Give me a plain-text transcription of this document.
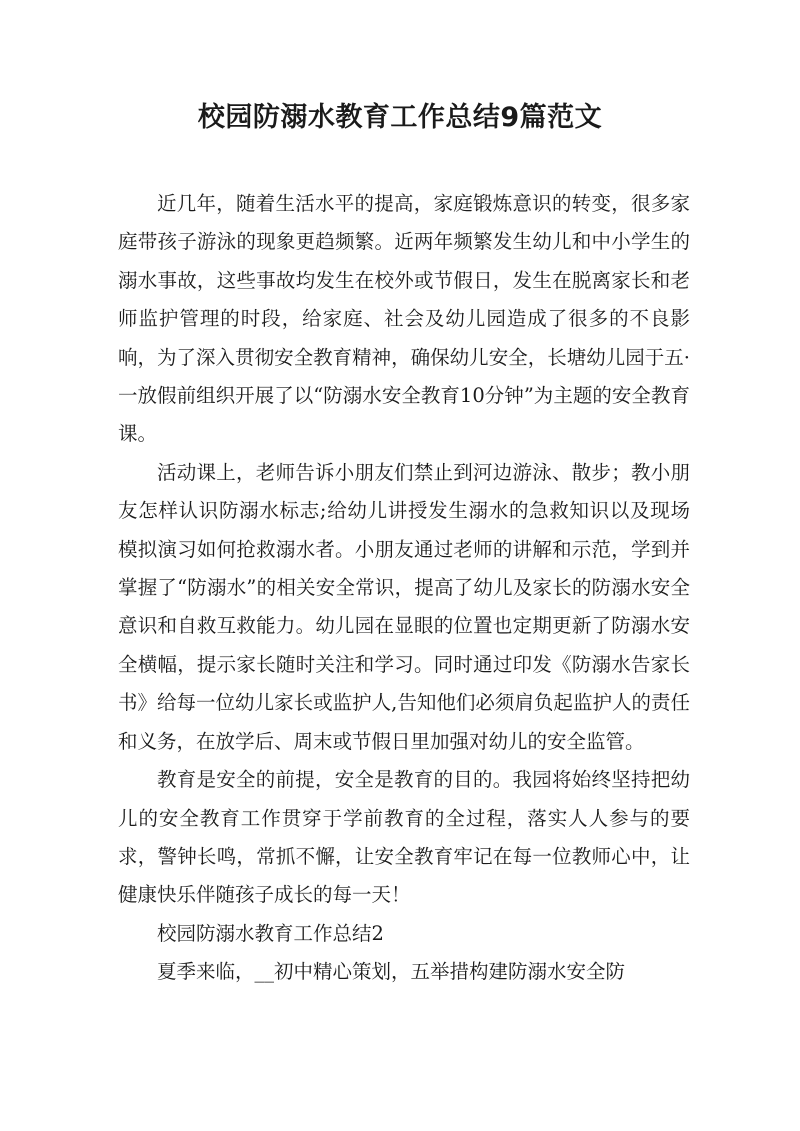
校园防溺水教育工作总结9篇范文

近几年，随着生活水平的提高，家庭锻炼意识的转变，很多家庭带孩子游泳的现象更趋频繁。近两年频繁发生幼儿和中小学生的溺水事故，这些事故均发生在校外或节假日，发生在脱离家长和老师监护管理的时段，给家庭、社会及幼儿园造成了很多的不良影响，为了深入贯彻安全教育精神，确保幼儿安全，长塘幼儿园于五·一放假前组织开展了以“防溺水安全教育10分钟”为主题的安全教育课。

活动课上，老师告诉小朋友们禁止到河边游泳、散步；教小朋友怎样认识防溺水标志;给幼儿讲授发生溺水的急救知识以及现场模拟演习如何抢救溺水者。小朋友通过老师的讲解和示范，学到并掌握了“防溺水”的相关安全常识，提高了幼儿及家长的防溺水安全意识和自救互救能力。幼儿园在显眼的位置也定期更新了防溺水安全横幅，提示家长随时关注和学习。同时通过印发《防溺水告家长书》给每一位幼儿家长或监护人,告知他们必须肩负起监护人的责任和义务，在放学后、周末或节假日里加强对幼儿的安全监管。

教育是安全的前提，安全是教育的目的。我园将始终坚持把幼儿的安全教育工作贯穿于学前教育的全过程，落实人人参与的要求，警钟长鸣，常抓不懈，让安全教育牢记在每一位教师心中，让健康快乐伴随孩子成长的每一天！

校园防溺水教育工作总结2

夏季来临，__初中精心策划，五举措构建防溺水安全防
